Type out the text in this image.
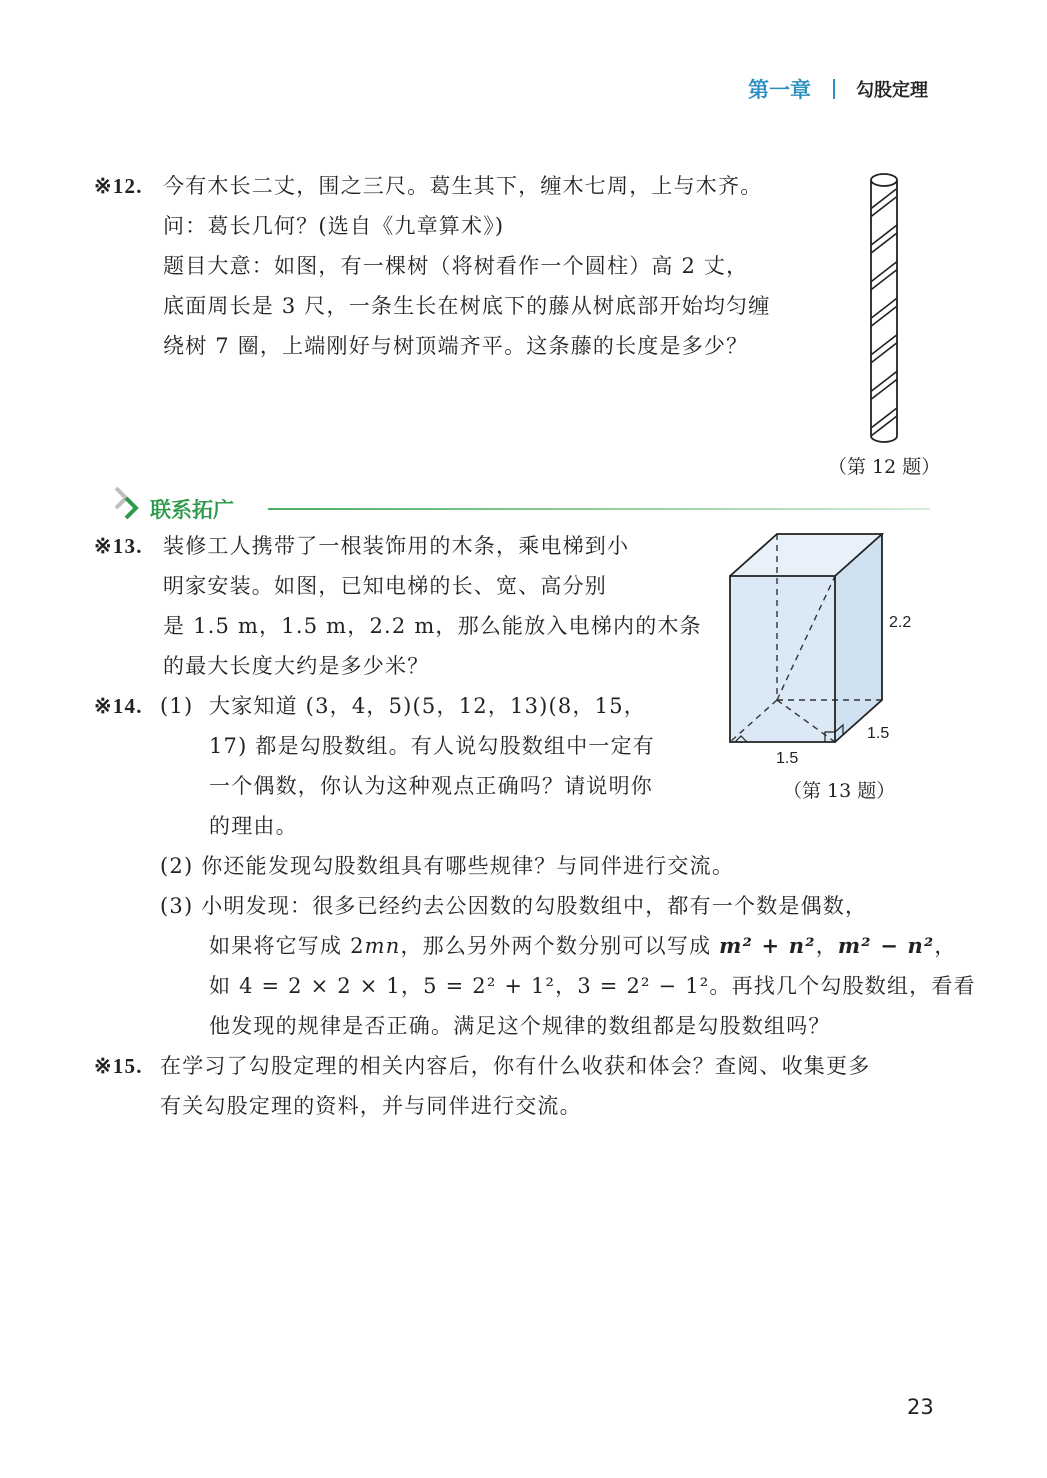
第一章	勾股定理
※12. 今有木长二丈，围之三尺。葛生其下，缠木七周，上与木齐。
问：葛长几何？(选自《九章算术》)
题目大意：如图，有一棵树（将树看作一个圆柱）高 2 丈，
底面周长是 3 尺，一条生长在树底下的藤从树底部开始均匀缠
绕树 7 圈，上端刚好与树顶端齐平。这条藤的长度是多少？
（第 12 题）
联系拓广
※13. 装修工人携带了一根装饰用的木条，乘电梯到小
明家安装。如图，已知电梯的长、宽、高分别
是 1.5 m，1.5 m，2.2 m，那么能放入电梯内的木条
的最大长度大约是多少米？
2.2
1.5
1.5
（第 13 题）
※14. (1) 大家知道 (3，4，5)(5，12，13)(8，15，
17) 都是勾股数组。有人说勾股数组中一定有
一个偶数，你认为这种观点正确吗？请说明你
的理由。
(2) 你还能发现勾股数组具有哪些规律？与同伴进行交流。
(3) 小明发现：很多已经约去公因数的勾股数组中，都有一个数是偶数，
如果将它写成 2mn，那么另外两个数分别可以写成 m² + n²，m² − n²，
如 4 = 2 × 2 × 1，5 = 2² + 1²，3 = 2² − 1²。再找几个勾股数组，看看
他发现的规律是否正确。满足这个规律的数组都是勾股数组吗？
※15. 在学习了勾股定理的相关内容后，你有什么收获和体会？查阅、收集更多
有关勾股定理的资料，并与同伴进行交流。
23
